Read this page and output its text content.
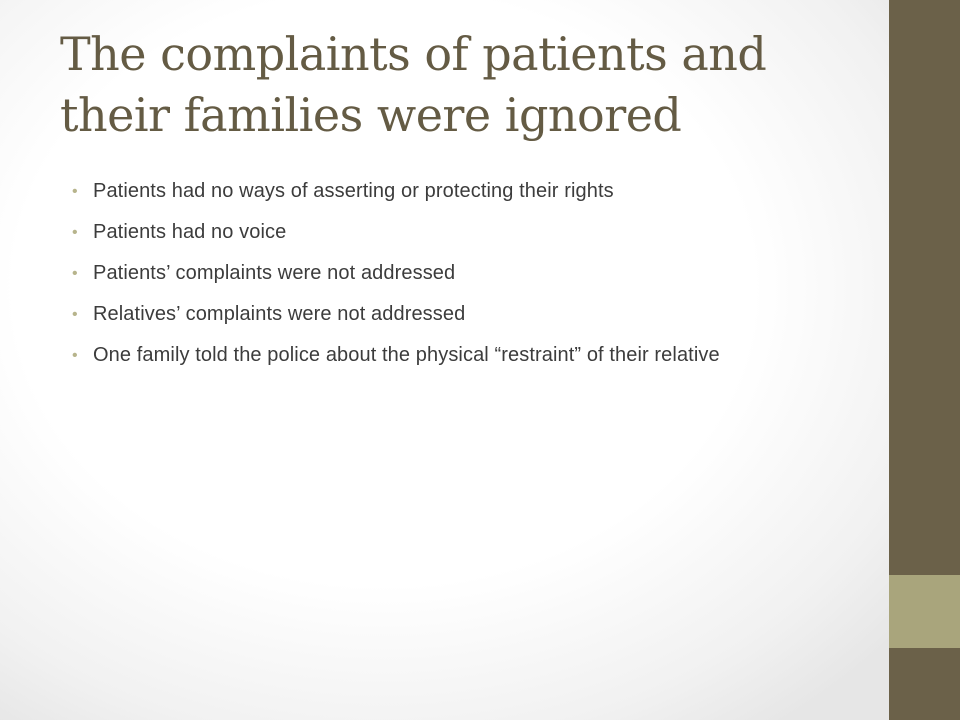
The complaints of patients and their families were ignored
• Patients had no ways of asserting or protecting their rights
• Patients had no voice
• Patients’ complaints were not addressed
• Relatives’ complaints were not addressed
• One family told the police about the physical “restraint” of their relative
